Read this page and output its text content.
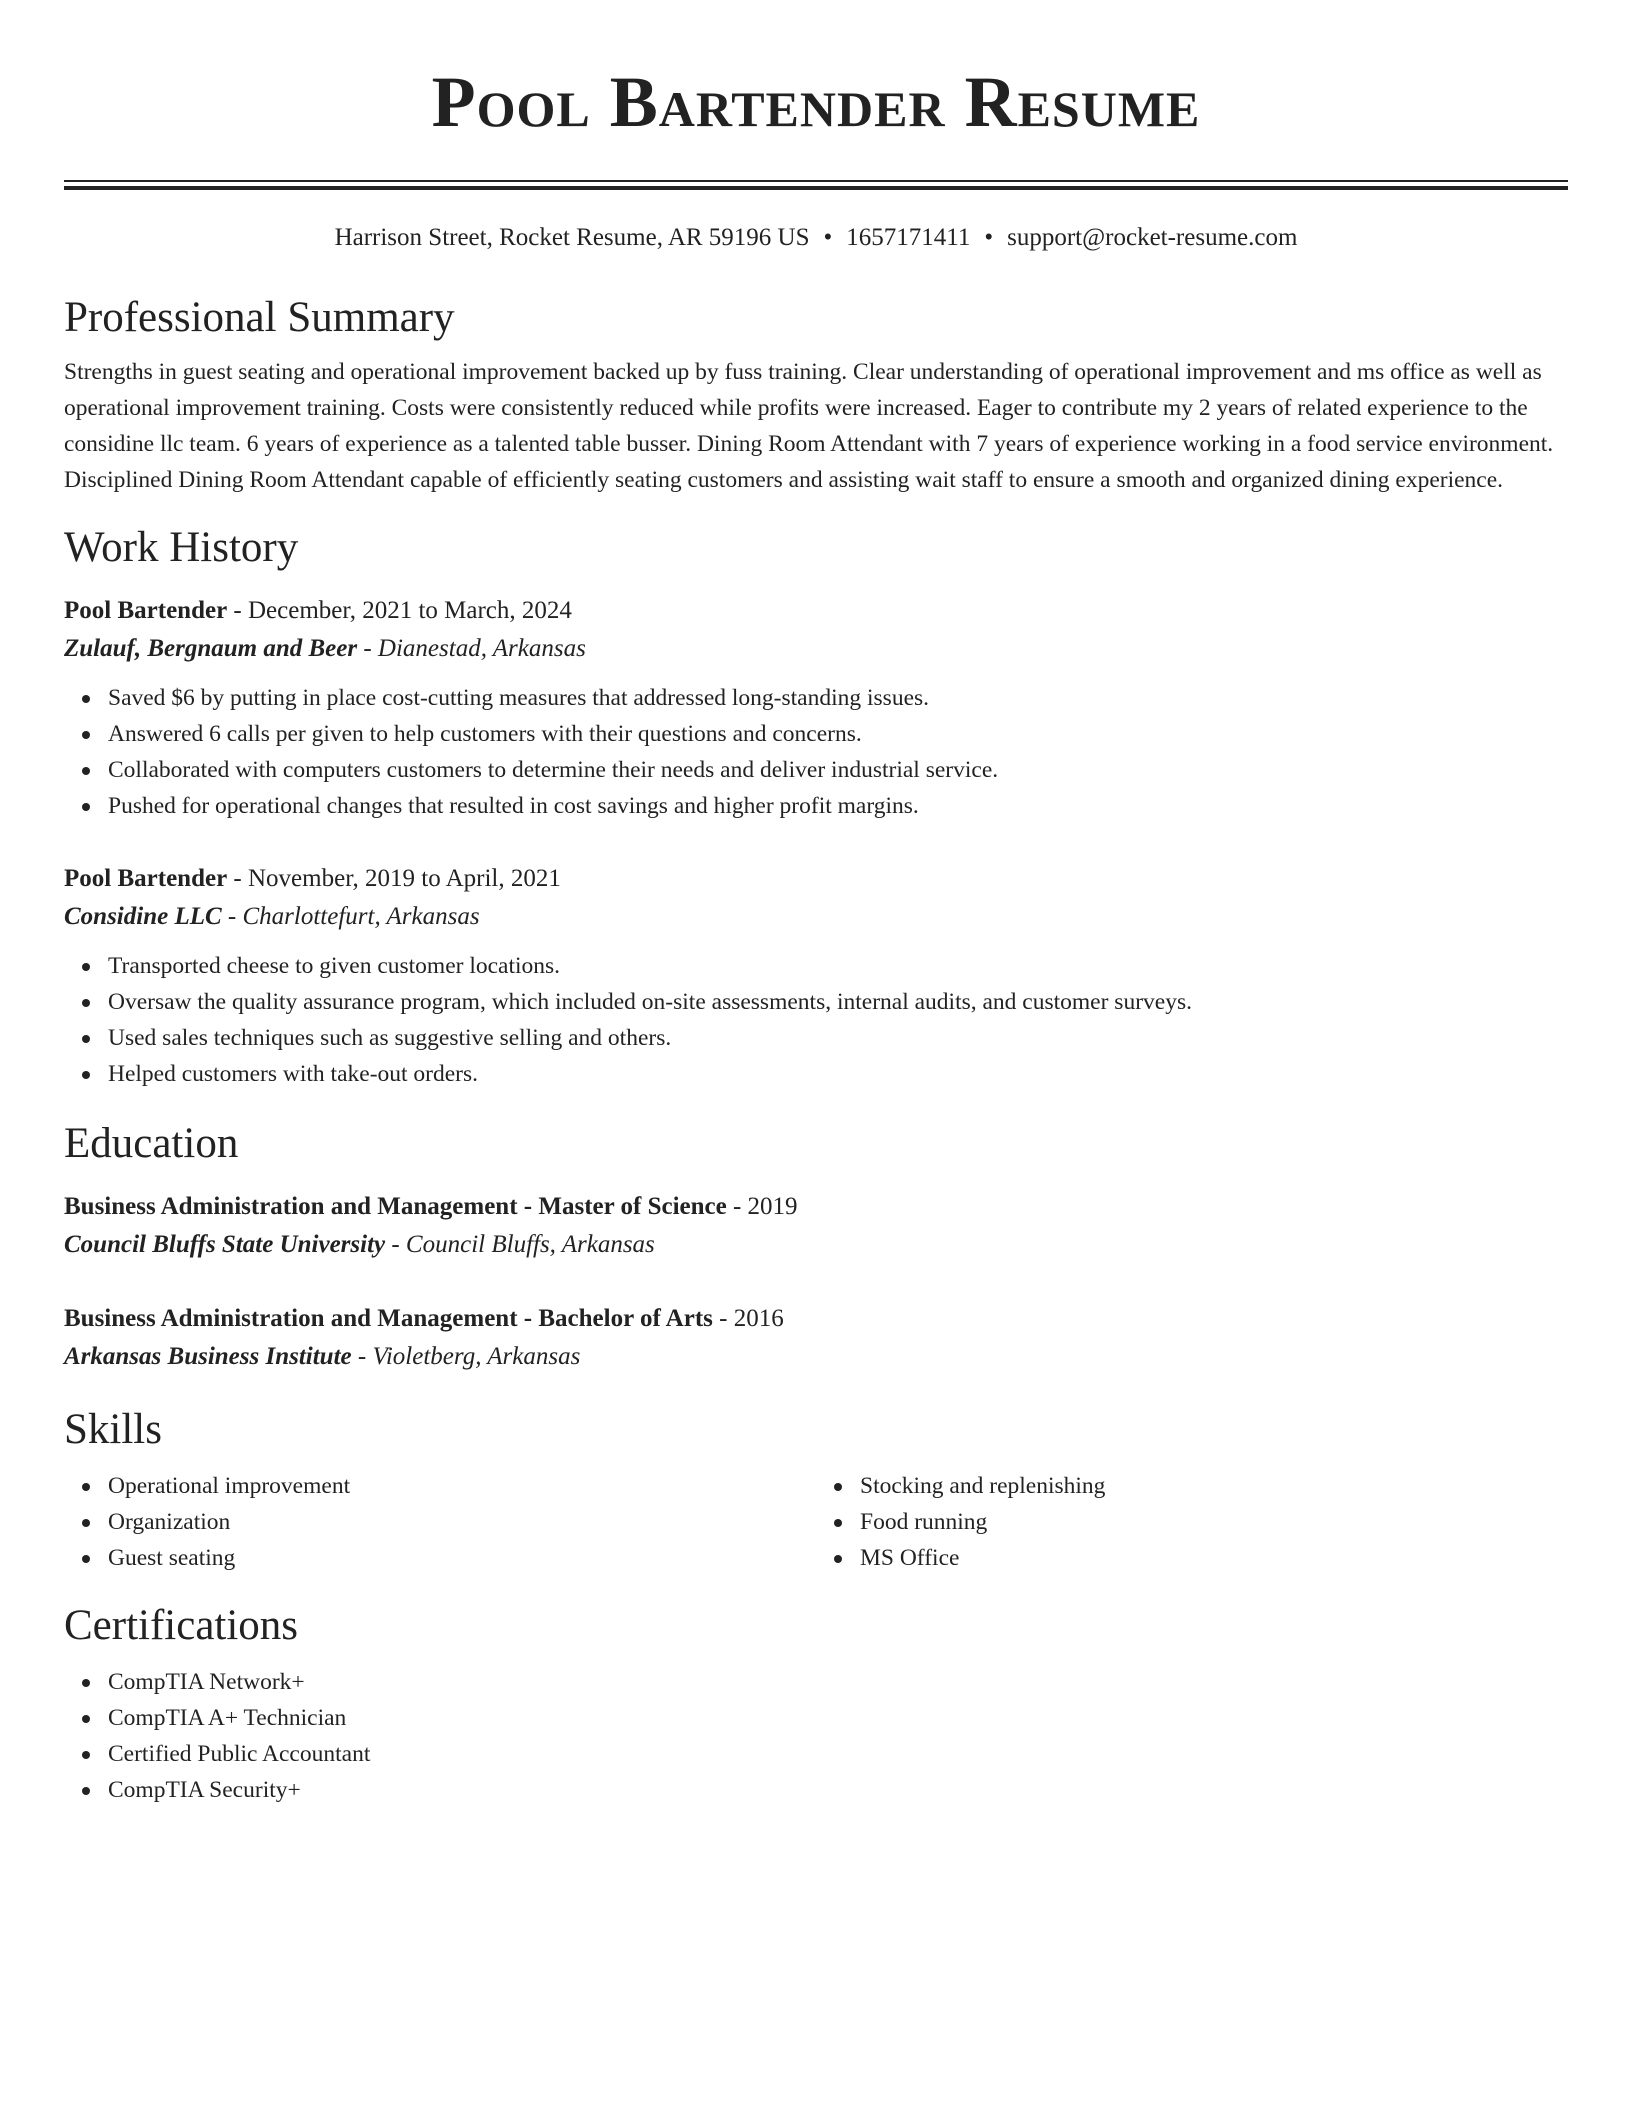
Pool Bartender Resume
Harrison Street, Rocket Resume, AR 59196 US • 1657171411 • support@rocket-resume.com
Professional Summary
Strengths in guest seating and operational improvement backed up by fuss training. Clear understanding of operational improvement and ms office as well as operational improvement training. Costs were consistently reduced while profits were increased. Eager to contribute my 2 years of related experience to the considine llc team. 6 years of experience as a talented table busser. Dining Room Attendant with 7 years of experience working in a food service environment. Disciplined Dining Room Attendant capable of efficiently seating customers and assisting wait staff to ensure a smooth and organized dining experience.
Work History
Pool Bartender - December, 2021 to March, 2024
Zulauf, Bergnaum and Beer - Dianestad, Arkansas
Saved $6 by putting in place cost-cutting measures that addressed long-standing issues.
Answered 6 calls per given to help customers with their questions and concerns.
Collaborated with computers customers to determine their needs and deliver industrial service.
Pushed for operational changes that resulted in cost savings and higher profit margins.
Pool Bartender - November, 2019 to April, 2021
Considine LLC - Charlottefurt, Arkansas
Transported cheese to given customer locations.
Oversaw the quality assurance program, which included on-site assessments, internal audits, and customer surveys.
Used sales techniques such as suggestive selling and others.
Helped customers with take-out orders.
Education
Business Administration and Management - Master of Science - 2019
Council Bluffs State University - Council Bluffs, Arkansas
Business Administration and Management - Bachelor of Arts - 2016
Arkansas Business Institute - Violetberg, Arkansas
Skills
Operational improvement
Organization
Guest seating
Stocking and replenishing
Food running
MS Office
Certifications
CompTIA Network+
CompTIA A+ Technician
Certified Public Accountant
CompTIA Security+
